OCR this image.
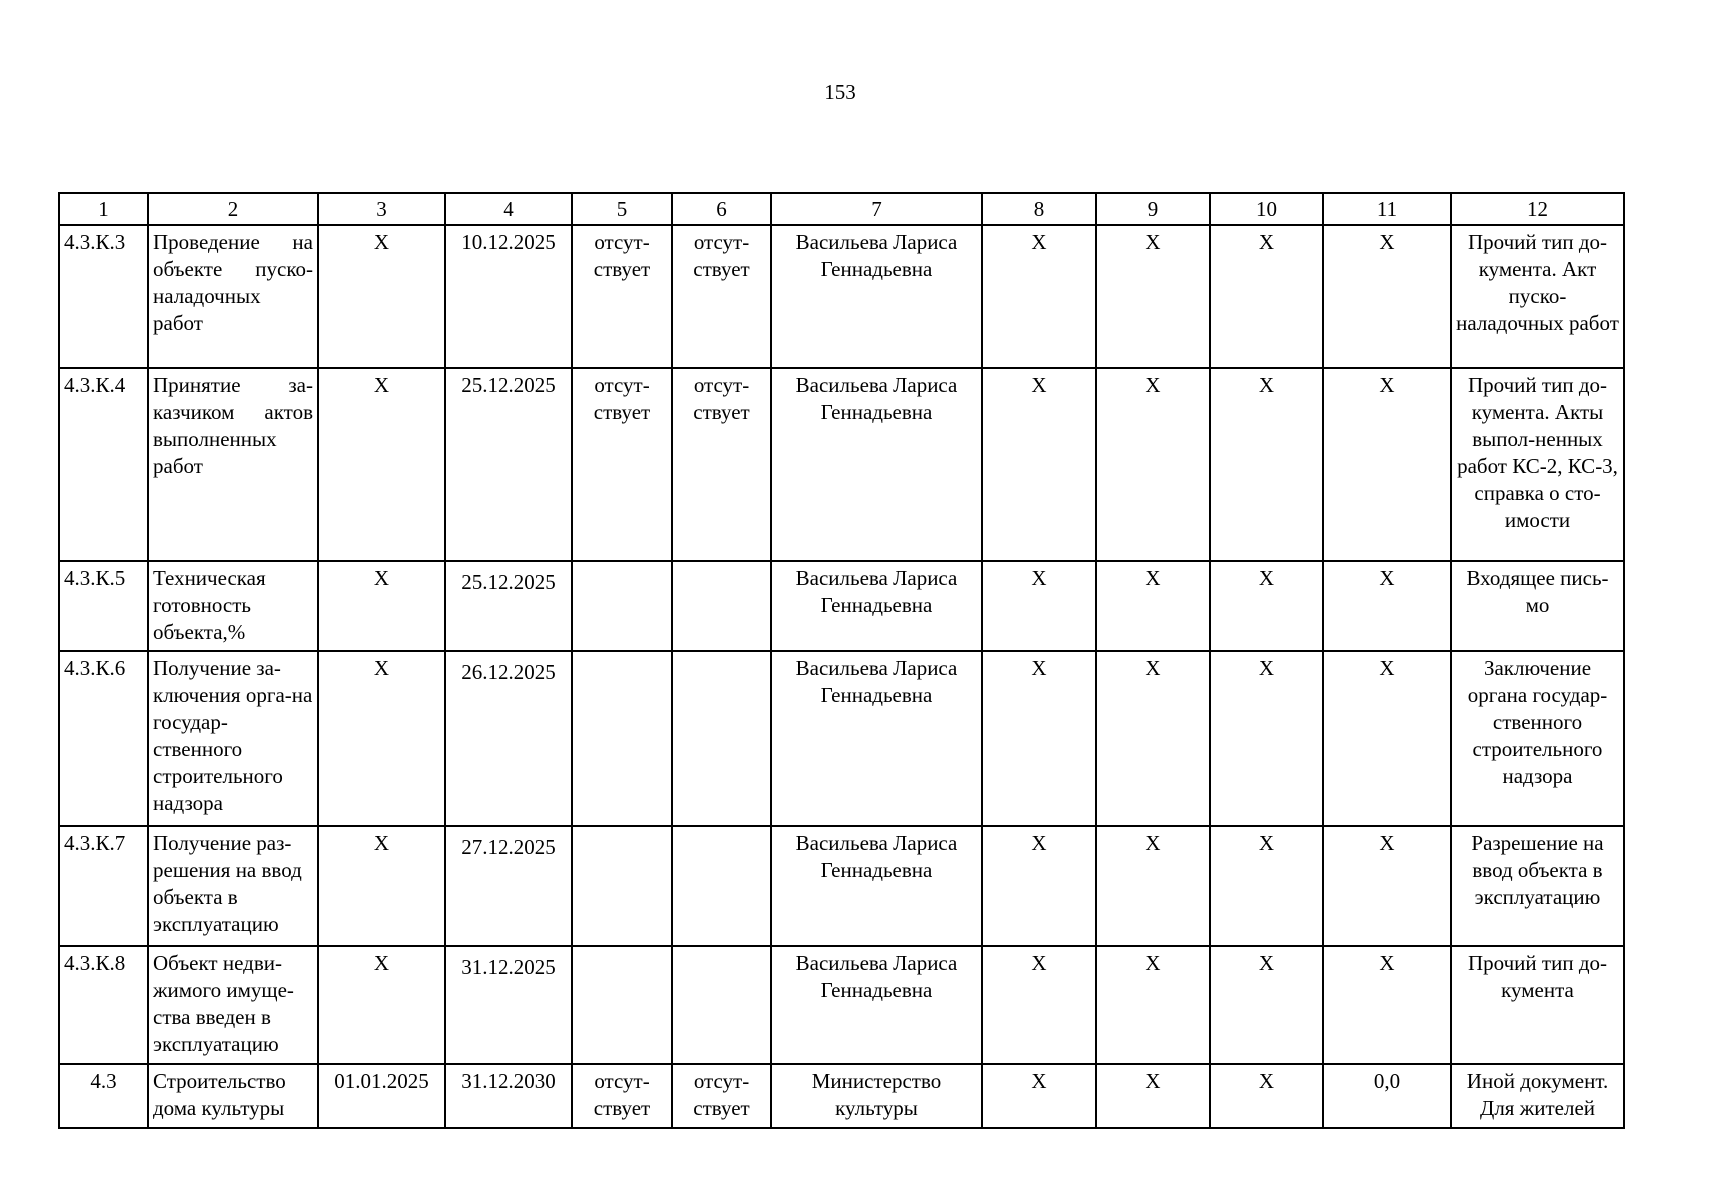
153
1	2	3	4	5	6	7	8	9	10	11	12
4.3.К.3	Проведение на объекте пуско-наладочных работ	Х	10.12.2025	отсут-ствует	отсут-ствует	Васильева Лариса Геннадьевна	Х	Х	Х	Х	Прочий тип до-кумента. Акт пуско-наладочных работ
4.3.К.4	Принятие за-казчиком актов выполненных работ	Х	25.12.2025	отсут-ствует	отсут-ствует	Васильева Лариса Геннадьевна	Х	Х	Х	Х	Прочий тип до-кумента. Акты выпол-ненных работ КС-2, КС-3, справка о сто-имости
4.3.К.5	Техническая готовность объекта,%	Х	25.12.2025			Васильева Лариса Геннадьевна	Х	Х	Х	Х	Входящее пись-мо
4.3.К.6	Получение за-ключения орга-на государ-ственного строительного надзора	Х	26.12.2025			Васильева Лариса Геннадьевна	Х	Х	Х	Х	Заключение органа государ-ственного строительного надзора
4.3.К.7	Получение раз-решения на ввод объекта в эксплуатацию	Х	27.12.2025			Васильева Лариса Геннадьевна	Х	Х	Х	Х	Разрешение на ввод объекта в эксплуатацию
4.3.К.8	Объект недви-жимого имуще-ства введен в эксплуатацию	Х	31.12.2025			Васильева Лариса Геннадьевна	Х	Х	Х	Х	Прочий тип до-кумента
4.3	Строительство дома культуры	01.01.2025	31.12.2030	отсут-ствует	отсут-ствует	Министерство культуры	Х	Х	Х	0,0	Иной документ. Для жителей
